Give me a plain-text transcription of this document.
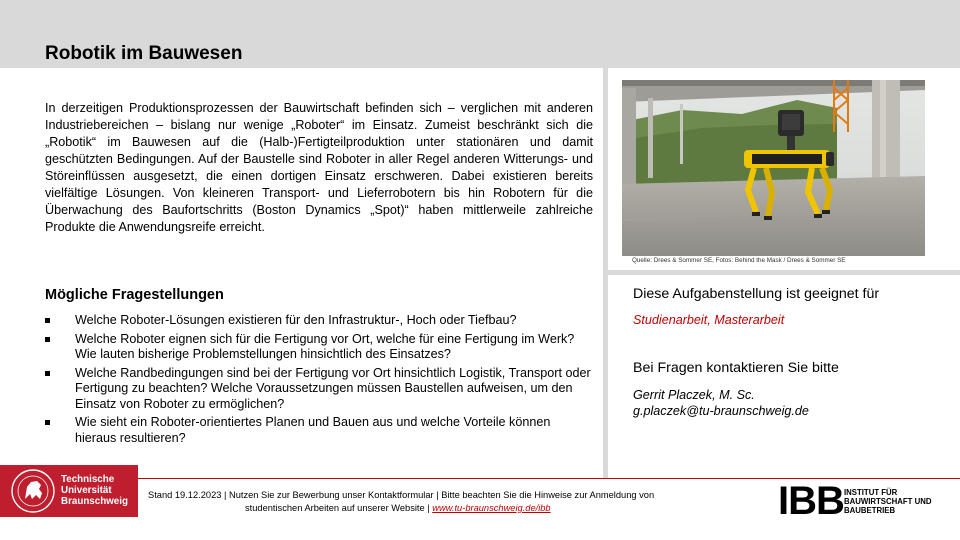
Robotik im Bauwesen

In derzeitigen Produktionsprozessen der Bauwirtschaft befinden sich – verglichen mit anderen Industriebereichen – bislang nur wenige „Roboter“ im Einsatz. Zumeist beschränkt sich die „Robotik“ im Bauwesen auf die (Halb-)Fertigteilproduktion unter stationären und damit geschützten Bedingungen. Auf der Baustelle sind Roboter in aller Regel anderen Witterungs- und Störeinflüssen ausgesetzt, die einen dortigen Einsatz erschweren. Dabei existieren bereits vielfältige Lösungen. Von kleineren Transport- und Lieferrobotern bis hin Robotern für die Überwachung des Baufortschritts (Boston Dynamics „Spot)“ haben mittlerweile zahlreiche Produkte die Anwendungsreife erreicht.

Mögliche Fragestellungen
Welche Roboter-Lösungen existieren für den Infrastruktur-, Hoch oder Tiefbau?
Welche Roboter eignen sich für die Fertigung vor Ort, welche für eine Fertigung im Werk? Wie lauten bisherige Problemstellungen hinsichtlich des Einsatzes?
Welche Randbedingungen sind bei der Fertigung vor Ort hinsichtlich Logistik, Transport oder Fertigung zu beachten? Welche Voraussetzungen müssen Baustellen aufweisen, um den Einsatz von Roboter zu ermöglichen?
Wie sieht ein Roboter-orientiertes Planen und Bauen aus und welche Vorteile können hieraus resultieren?
Quelle: Drees & Sommer SE, Fotos: Behind the Mask / Drees & Sommer SE
Diese Aufgabenstellung ist geeignet für
Studienarbeit, Masterarbeit
Bei Fragen kontaktieren Sie bitte
Gerrit Placzek, M. Sc.
g.placzek@tu-braunschweig.de
Technische
Universität
Braunschweig
Stand 19.12.2023 | Nutzen Sie zur Bewerbung unser Kontaktformular | Bitte beachten Sie die Hinweise zur Anmeldung von
studentischen Arbeiten auf unserer Website | www.tu-braunschweig.de/ibb	IBB INSTITUT FÜR
BAUWIRTSCHAFT UND
BAUBETRIEB
